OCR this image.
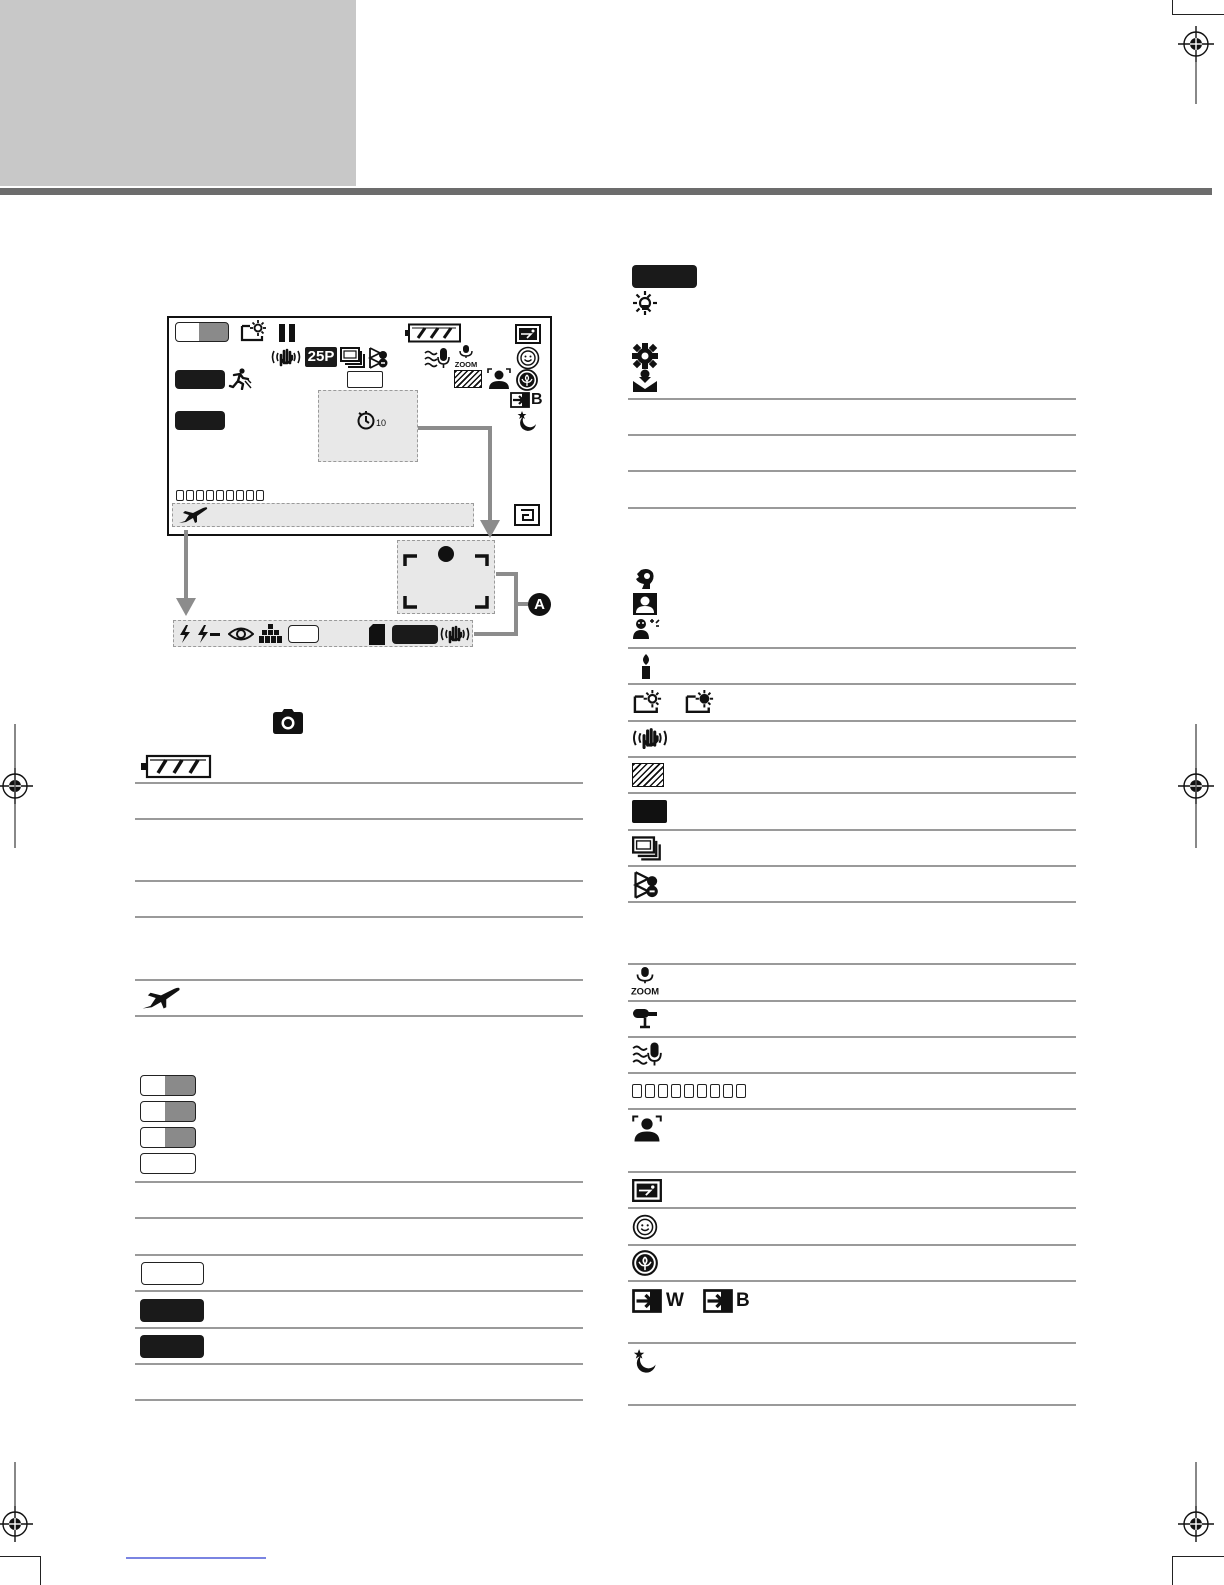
25P	ZOOM
B
10
A
ZOOM
W	B
